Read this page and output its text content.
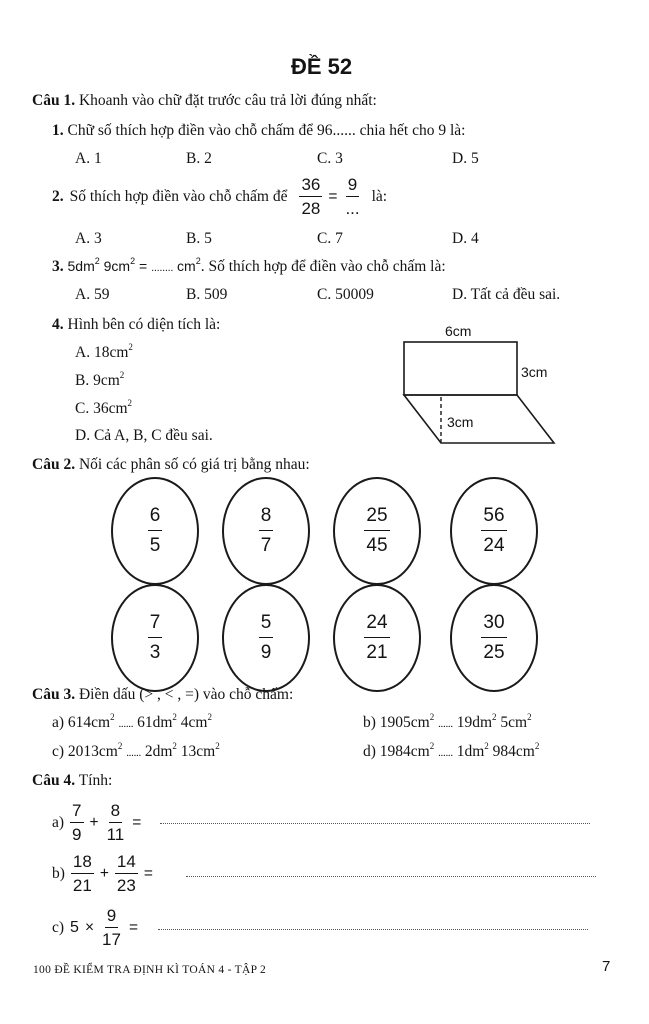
ĐỀ 52
Câu 1. Khoanh vào chữ đặt trước câu trả lời đúng nhất:
1. Chữ số thích hợp điền vào chỗ chấm để 96...... chia hết cho 9 là:
A. 1	B. 2	C. 3	D. 5
2. Số thích hợp điền vào chỗ chấm để $\frac{36}{28} = \frac{9}{...}$ là:
A. 3	B. 5	C. 7	D. 4
3. $5dm^2$ $9cm^2$ = ........ $cm^2$. Số thích hợp để điền vào chỗ chấm là:
A. 59	B. 509	C. 50009	D. Tất cả đều sai.
4. Hình bên có diện tích là:
A. $18cm^2$
B. $9cm^2$
C. $36cm^2$
D. Cả A, B, C đều sai.
6cm
3cm
3cm
Câu 2. Nối các phân số có giá trị bằng nhau:
$\frac{6}{5}$	$\frac{8}{7}$	$\frac{25}{45}$	$\frac{56}{24}$
$\frac{7}{3}$	$\frac{5}{9}$	$\frac{24}{21}$	$\frac{30}{25}$
Câu 3. Điền dấu (> , < , =) vào chỗ chấm:
a) $614cm^2$ ...... $61dm^2$ $4cm^2$	b) $1905cm^2$ ...... $19dm^2$ $5cm^2$
c) $2013cm^2$ ...... $2dm^2$ $13cm^2$	d) $1984cm^2$ ...... $1dm^2$ $984cm^2$
Câu 4. Tính:
$a) \frac{7}{9} + \frac{8}{11}$ =
$b) \frac{18}{21} + \frac{14}{23}$ =
c) $5 \times \frac{9}{17}$ =
100 ĐỀ KIỂM TRA ĐỊNH KÌ TOÁN 4 - TẬP 2	7
